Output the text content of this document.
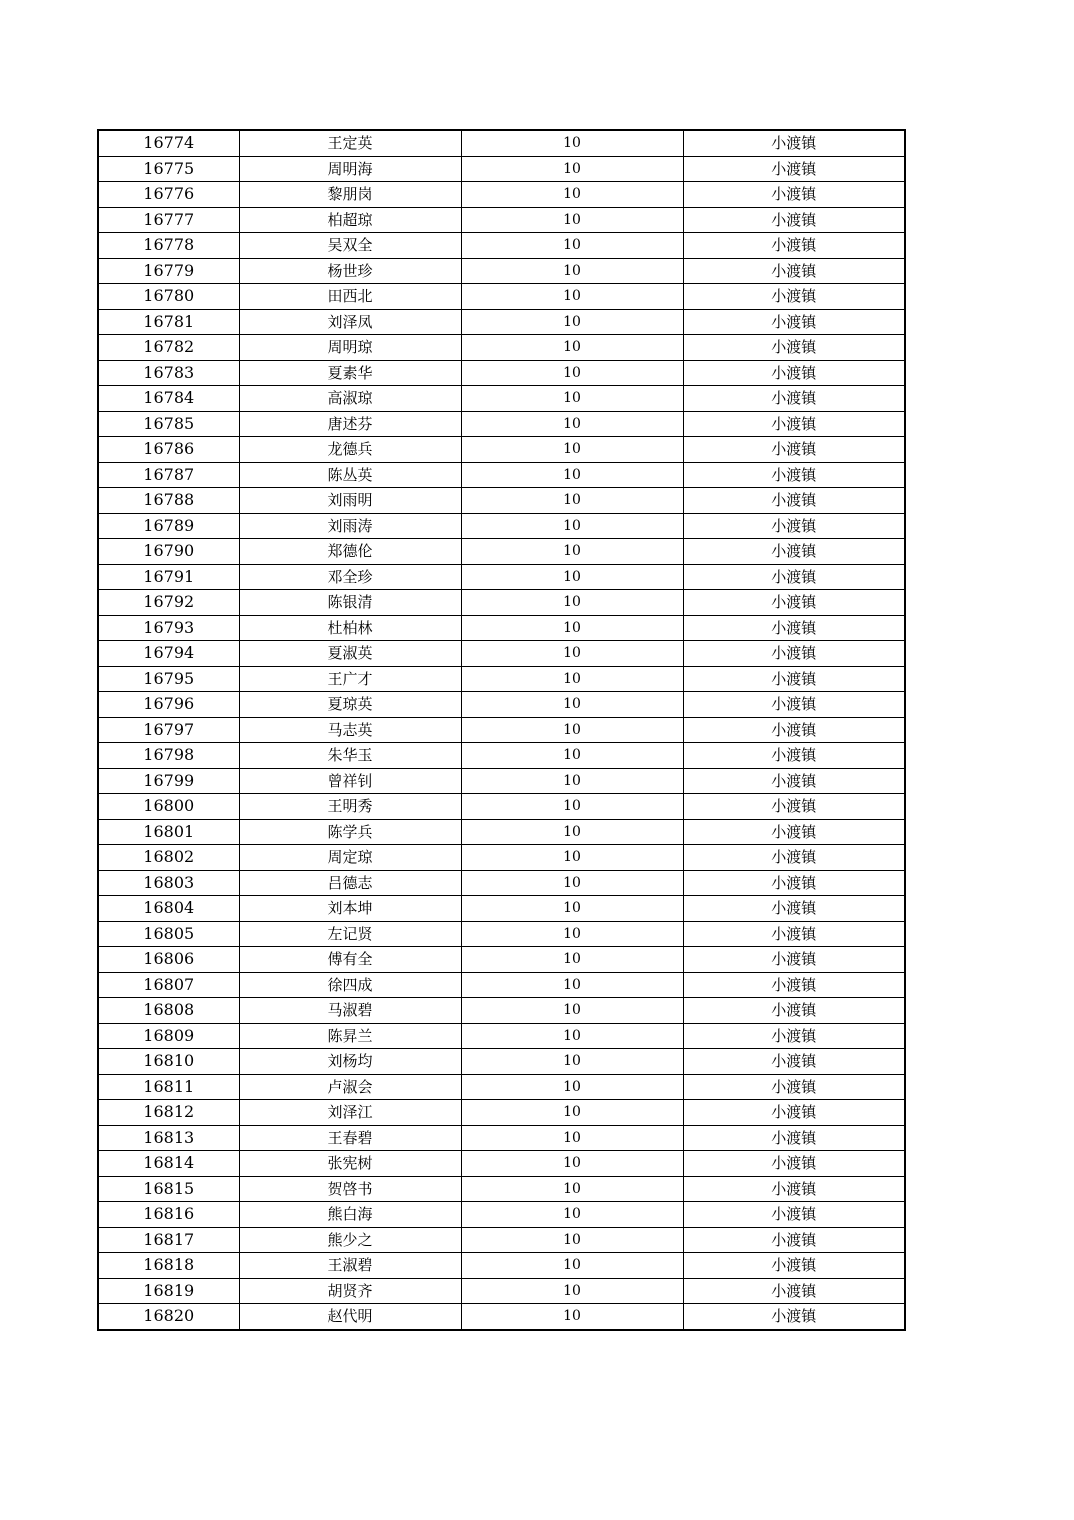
16774	王定英	10	小渡镇
16775	周明海	10	小渡镇
16776	黎朋岗	10	小渡镇
16777	柏超琼	10	小渡镇
16778	吴双全	10	小渡镇
16779	杨世珍	10	小渡镇
16780	田西北	10	小渡镇
16781	刘泽凤	10	小渡镇
16782	周明琼	10	小渡镇
16783	夏素华	10	小渡镇
16784	高淑琼	10	小渡镇
16785	唐述芬	10	小渡镇
16786	龙德兵	10	小渡镇
16787	陈丛英	10	小渡镇
16788	刘雨明	10	小渡镇
16789	刘雨涛	10	小渡镇
16790	郑德伦	10	小渡镇
16791	邓全珍	10	小渡镇
16792	陈银清	10	小渡镇
16793	杜柏林	10	小渡镇
16794	夏淑英	10	小渡镇
16795	王广才	10	小渡镇
16796	夏琼英	10	小渡镇
16797	马志英	10	小渡镇
16798	朱华玉	10	小渡镇
16799	曾祥钊	10	小渡镇
16800	王明秀	10	小渡镇
16801	陈学兵	10	小渡镇
16802	周定琼	10	小渡镇
16803	吕德志	10	小渡镇
16804	刘本坤	10	小渡镇
16805	左记贤	10	小渡镇
16806	傅有全	10	小渡镇
16807	徐四成	10	小渡镇
16808	马淑碧	10	小渡镇
16809	陈昇兰	10	小渡镇
16810	刘杨均	10	小渡镇
16811	卢淑会	10	小渡镇
16812	刘泽江	10	小渡镇
16813	王春碧	10	小渡镇
16814	张宪树	10	小渡镇
16815	贺啓书	10	小渡镇
16816	熊白海	10	小渡镇
16817	熊少之	10	小渡镇
16818	王淑碧	10	小渡镇
16819	胡贤齐	10	小渡镇
16820	赵代明	10	小渡镇
